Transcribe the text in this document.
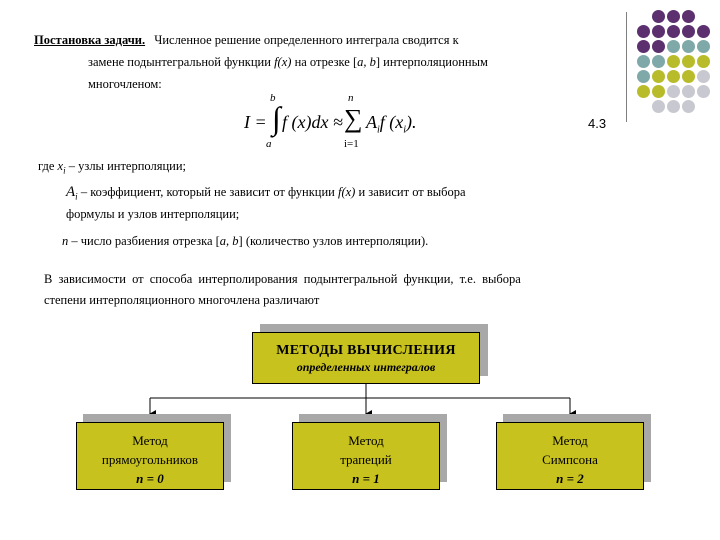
Постановка задачи. Численное решение определенного интеграла сводится к
замене подынтегральной функции f(x) на отрезке [a, b] интерполяционным
многочленом:
I = ∫
b
a
f (x)dx ≈ ∑
n
i=1
$A_if$ $(x_i)$.	4.3
где $x_i$ – узлы интерполяции;
$A_i$ – коэффициент, который не зависит от функции f(x) и зависит от выбора
формулы и узлов интерполяции;
n – число разбиения отрезка [a, b] (количество узлов интерполяции).
В зависимости от способа интерполирования подынтегральной функции, т.е. выбора
степени интерполяционного многочлена различают
МЕТОДЫ ВЫЧИСЛЕНИЯ
определенных интегралов
Метод
прямоугольников
n = 0
Метод
трапеций
n = 1
Метод
Симпсона
n = 2
